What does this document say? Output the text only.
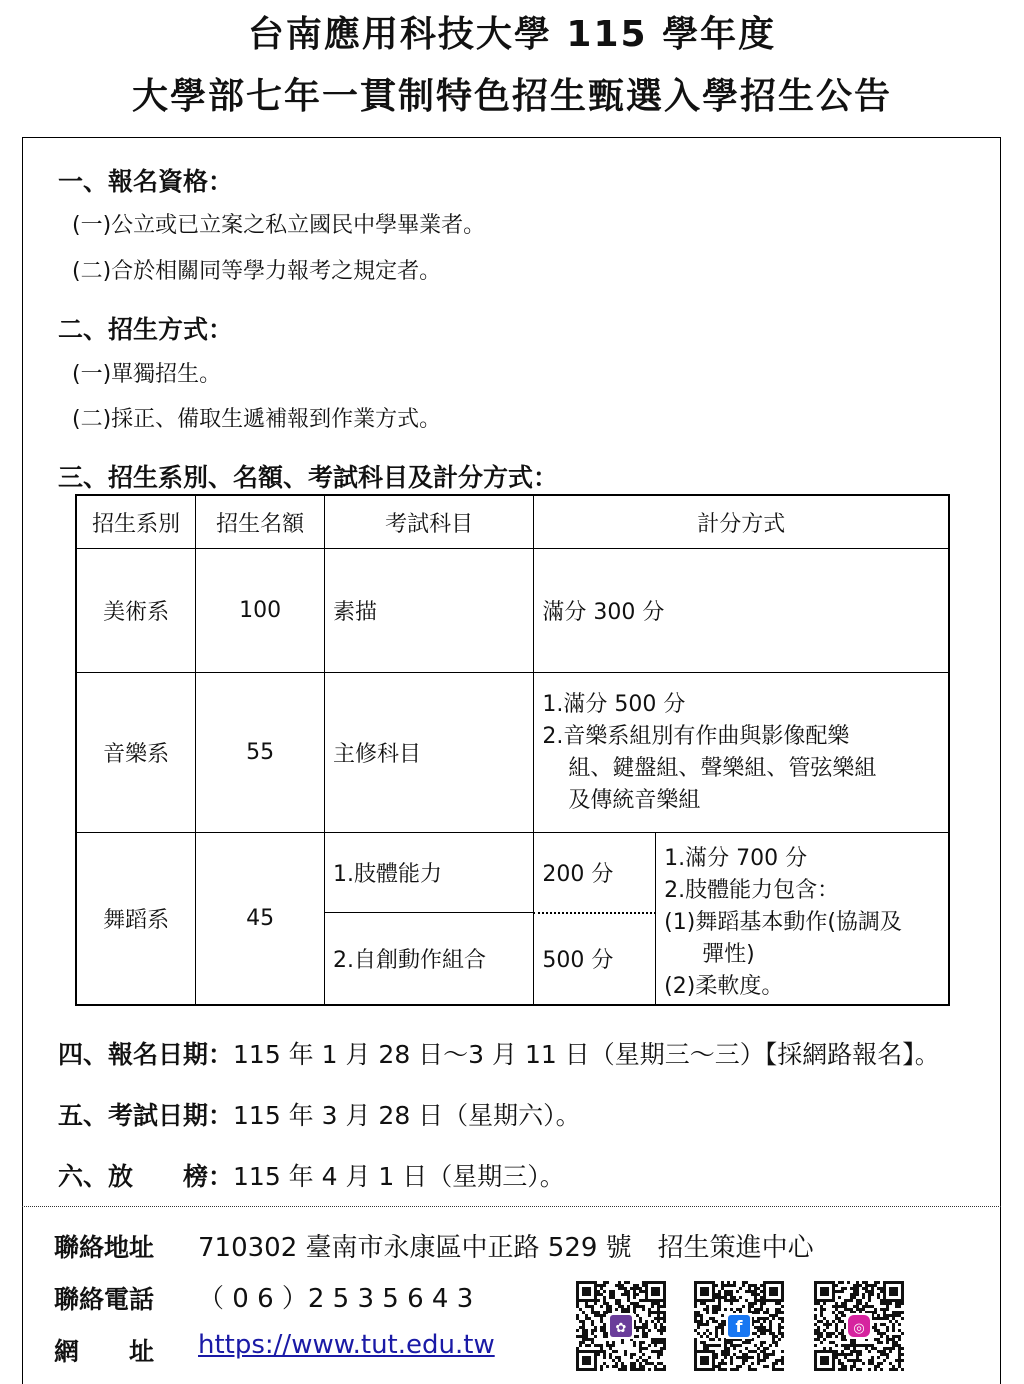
台南應用科技大學 115 學年度
大學部七年一貫制特色招生甄選入學招生公告
一、報名資格：
(一)公立或已立案之私立國民中學畢業者。
(二)合於相關同等學力報考之規定者。
二、招生方式：
(一)單獨招生。
(二)採正、備取生遞補報到作業方式。
三、招生系別、名額、考試科目及計分方式：
招生系別	招生名額	考試科目	計分方式	
美術系	100	素描	滿分 300 分	
音樂系	55	主修科目	1.滿分 500 分
2.音樂系組別有作曲與影像配樂
組、鍵盤組、聲樂組、管弦樂組
及傳統音樂組	

舞蹈系	45	1.肢體能力	200 分	1.滿分 700 分
2.肢體能力包含：
(1)舞蹈基本動作(協調及
彈性)
(2)柔軟度。

		2.自創動作組合	500 分	
四、報名日期：115 年 1 月 28 日～3 月 11 日（星期三～三）【採網路報名】。
五、考試日期：115 年 3 月 28 日（星期六）。
六、放　　榜：115 年 4 月 1 日（星期三）。
聯絡地址 710302 臺南市永康區中正路 529 號　招生策進中心
聯絡電話 （ 0 6 ）2 5 3 5 6 4 3
網　　址 https://www.tut.edu.tw
✿	f	◎
